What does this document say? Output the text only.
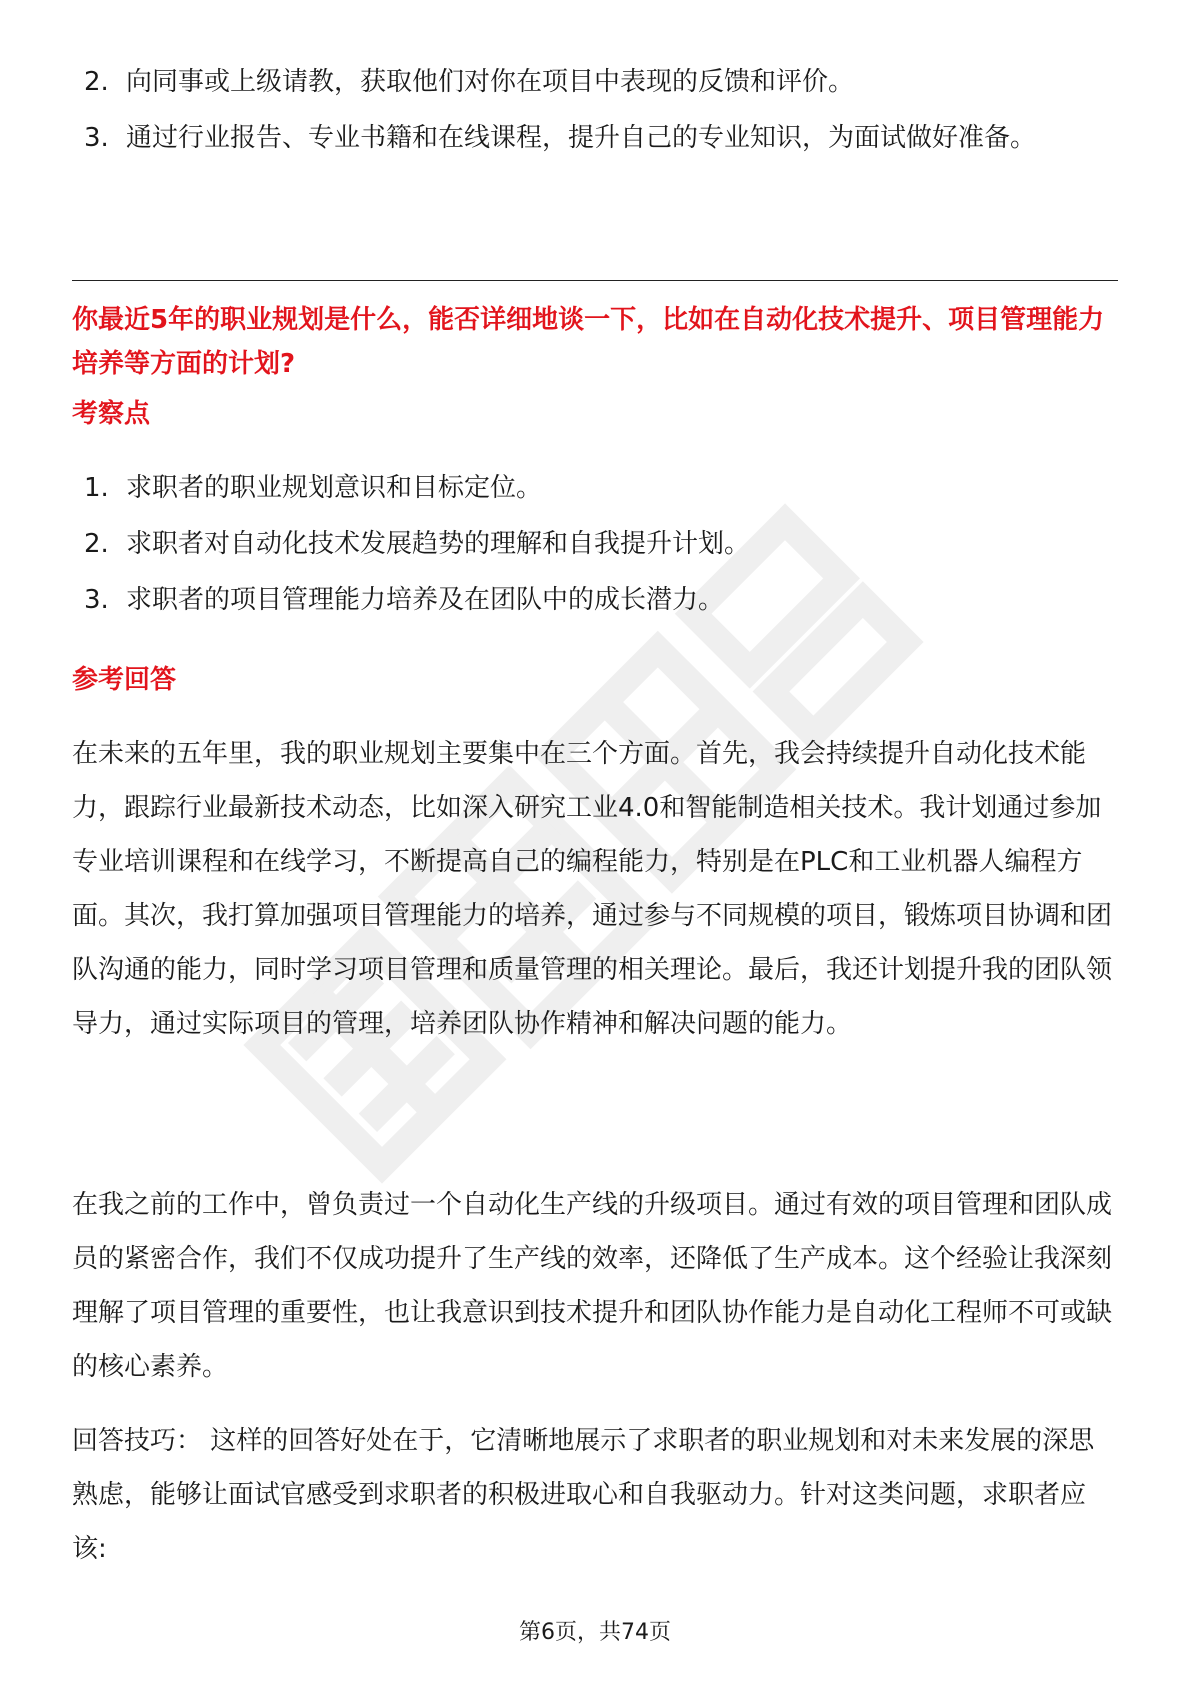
2. 向同事或上级请教，获取他们对你在项目中表现的反馈和评价。
3. 通过行业报告、专业书籍和在线课程，提升自己的专业知识，为面试做好准备。
你最近5年的职业规划是什么，能否详细地谈一下，比如在自动化技术提升、项目管理能力培养等方面的计划?
考察点
1. 求职者的职业规划意识和目标定位。
2. 求职者对自动化技术发展趋势的理解和自我提升计划。
3. 求职者的项目管理能力培养及在团队中的成长潜力。
参考回答

在未来的五年里，我的职业规划主要集中在三个方面。首先，我会持续提升自动化技术能力，跟踪行业最新技术动态，比如深入研究工业4.0和智能制造相关技术。我计划通过参加专业培训课程和在线学习，不断提高自己的编程能力，特别是在PLC和工业机器人编程方面。其次，我打算加强项目管理能力的培养，通过参与不同规模的项目，锻炼项目协调和团队沟通的能力，同时学习项目管理和质量管理的相关理论。最后，我还计划提升我的团队领导力，通过实际项目的管理，培养团队协作精神和解决问题的能力。

在我之前的工作中，曾负责过一个自动化生产线的升级项目。通过有效的项目管理和团队成员的紧密合作，我们不仅成功提升了生产线的效率，还降低了生产成本。这个经验让我深刻理解了项目管理的重要性，也让我意识到技术提升和团队协作能力是自动化工程师不可或缺的核心素养。

回答技巧： 这样的回答好处在于，它清晰地展示了求职者的职业规划和对未来发展的深思熟虑，能够让面试官感受到求职者的积极进取心和自我驱动力。针对这类问题，求职者应该:

第6页，共74页
